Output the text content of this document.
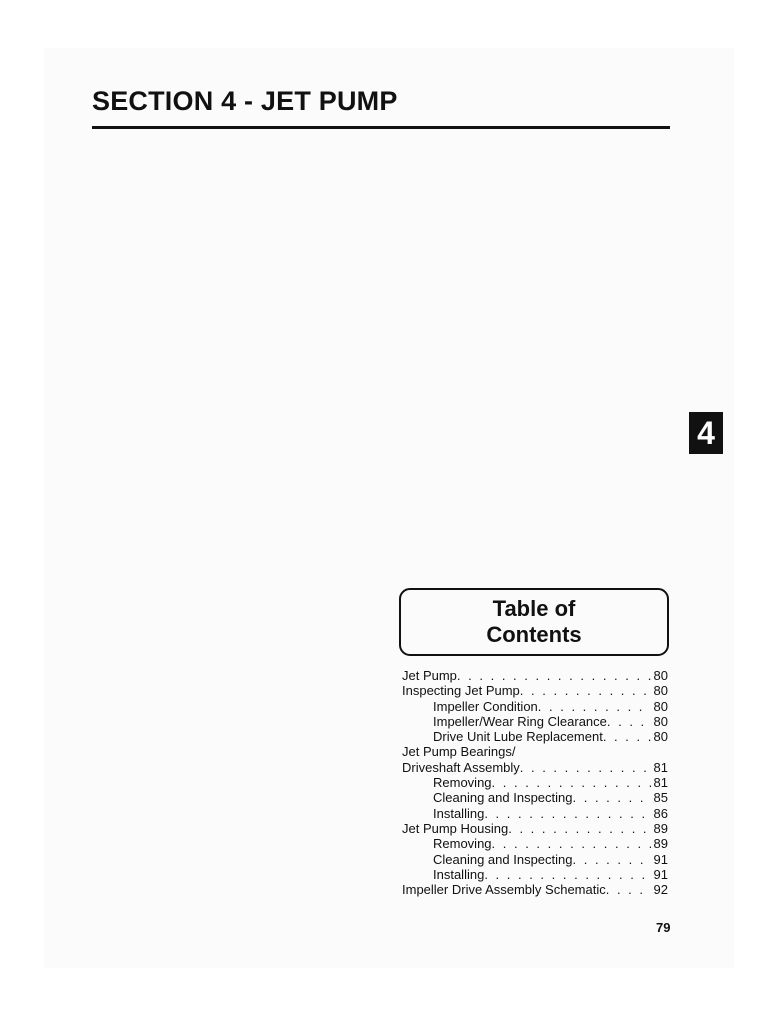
SECTION 4 - JET PUMP
4
Table of
Contents
Jet Pump . . .	80
Inspecting Jet Pump . . .	80
Impeller Condition . . .	80
Impeller/Wear Ring Clearance . . .	80
Drive Unit Lube Replacement . . .	80
Jet Pump Bearings/
Driveshaft Assembly . . .	81
Removing . . .	81
Cleaning and Inspecting . . .	85
Installing . . .	86
Jet Pump Housing . . .	89
Removing . . .	89
Cleaning and Inspecting . . .	91
Installing . . .	91
Impeller Drive Assembly Schematic . . .	92
79
